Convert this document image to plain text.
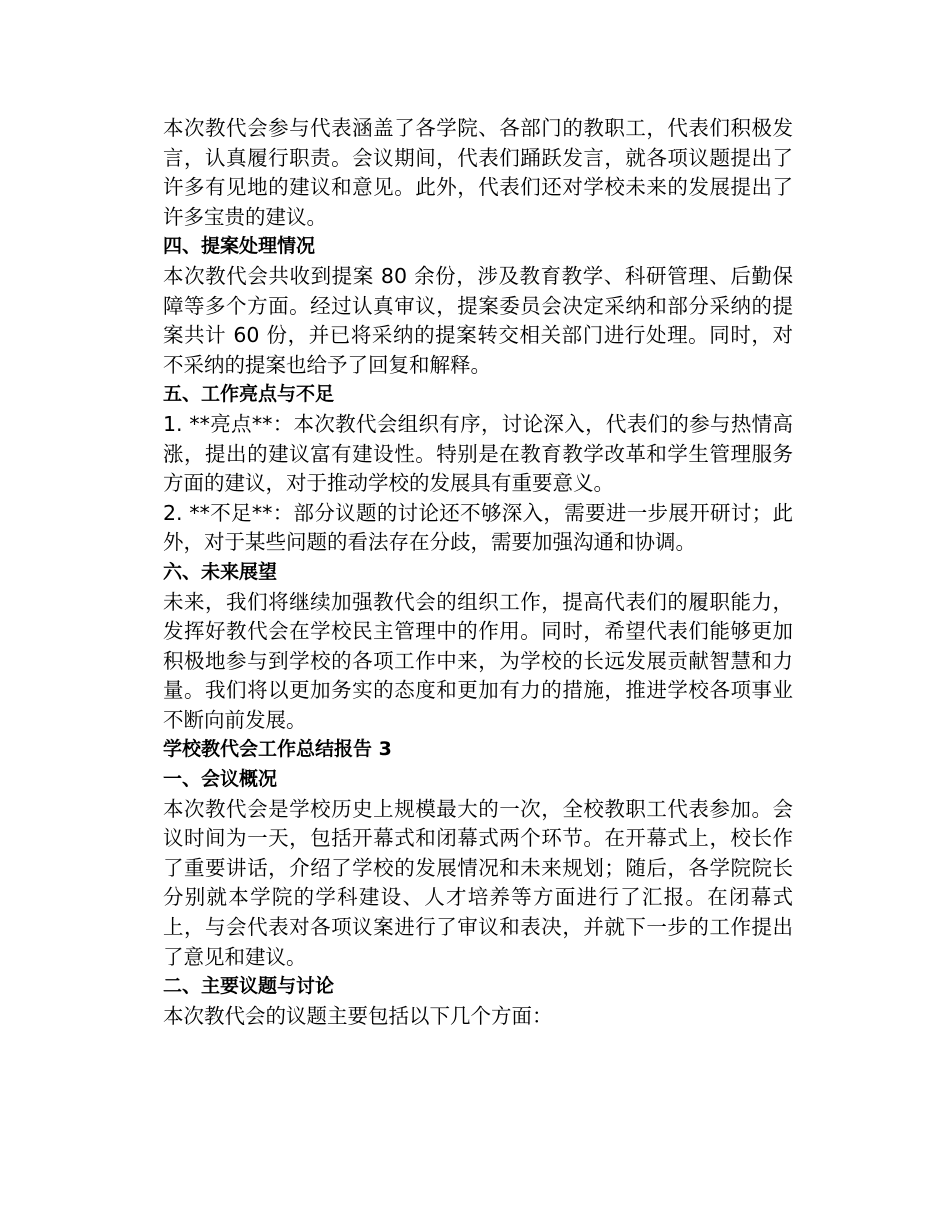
本次教代会参与代表涵盖了各学院、各部门的教职工，代表们积极发言，认真履行职责。会议期间，代表们踊跃发言，就各项议题提出了许多有见地的建议和意见。此外，代表们还对学校未来的发展提出了许多宝贵的建议。

四、提案处理情况

本次教代会共收到提案 80 余份，涉及教育教学、科研管理、后勤保障等多个方面。经过认真审议，提案委员会决定采纳和部分采纳的提案共计 60 份，并已将采纳的提案转交相关部门进行处理。同时，对不采纳的提案也给予了回复和解释。

五、工作亮点与不足

1. **亮点**：本次教代会组织有序，讨论深入，代表们的参与热情高涨，提出的建议富有建设性。特别是在教育教学改革和学生管理服务方面的建议，对于推动学校的发展具有重要意义。

2. **不足**：部分议题的讨论还不够深入，需要进一步展开研讨；此外，对于某些问题的看法存在分歧，需要加强沟通和协调。

六、未来展望

未来，我们将继续加强教代会的组织工作，提高代表们的履职能力，发挥好教代会在学校民主管理中的作用。同时，希望代表们能够更加积极地参与到学校的各项工作中来，为学校的长远发展贡献智慧和力量。我们将以更加务实的态度和更加有力的措施，推进学校各项事业不断向前发展。

学校教代会工作总结报告 3

一、会议概况

本次教代会是学校历史上规模最大的一次，全校教职工代表参加。会议时间为一天，包括开幕式和闭幕式两个环节。在开幕式上，校长作了重要讲话，介绍了学校的发展情况和未来规划；随后，各学院院长分别就本学院的学科建设、人才培养等方面进行了汇报。在闭幕式上，与会代表对各项议案进行了审议和表决，并就下一步的工作提出了意见和建议。

二、主要议题与讨论

本次教代会的议题主要包括以下几个方面：
